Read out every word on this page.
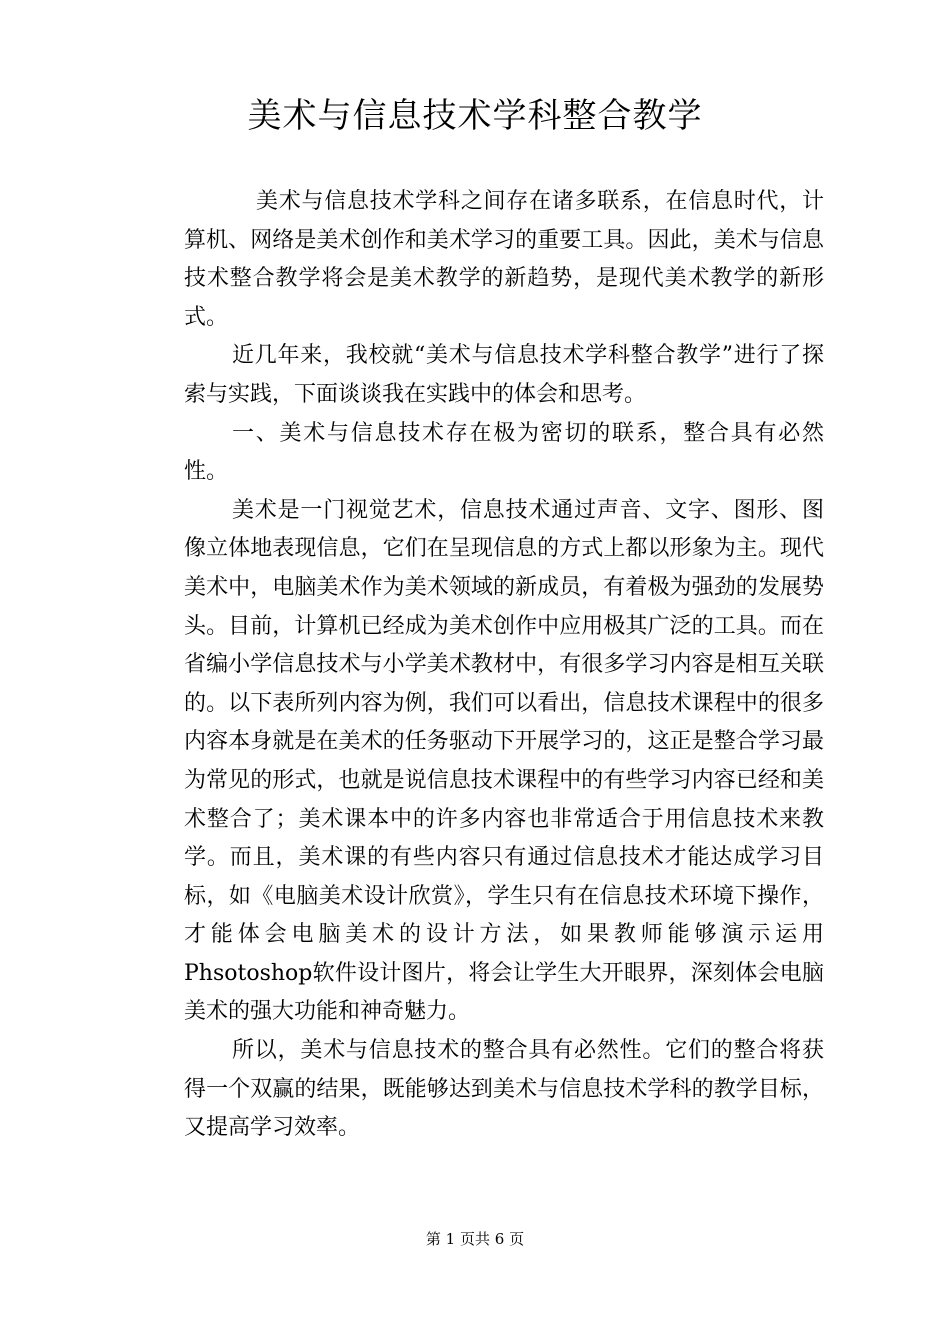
美术与信息技术学科整合教学

美术与信息技术学科之间存在诸多联系，在信息时代，计算机、网络是美术创作和美术学习的重要工具。因此，美术与信息技术整合教学将会是美术教学的新趋势，是现代美术教学的新形式。

近几年来，我校就“美术与信息技术学科整合教学”进行了探索与实践，下面谈谈我在实践中的体会和思考。

一、美术与信息技术存在极为密切的联系，整合具有必然性。

美术是一门视觉艺术，信息技术通过声音、文字、图形、图像立体地表现信息，它们在呈现信息的方式上都以形象为主。现代美术中，电脑美术作为美术领域的新成员，有着极为强劲的发展势头。目前，计算机已经成为美术创作中应用极其广泛的工具。而在省编小学信息技术与小学美术教材中，有很多学习内容是相互关联的。以下表所列内容为例，我们可以看出，信息技术课程中的很多内容本身就是在美术的任务驱动下开展学习的，这正是整合学习最为常见的形式，也就是说信息技术课程中的有些学习内容已经和美术整合了；美术课本中的许多内容也非常适合于用信息技术来教学。而且，美术课的有些内容只有通过信息技术才能达成学习目标，如《电脑美术设计欣赏》，学生只有在信息技术环境下操作，才能体会电脑美术的设计方法，如果教师能够演示运用Phsotoshop软件设计图片，将会让学生大开眼界，深刻体会电脑美术的强大功能和神奇魅力。

所以，美术与信息技术的整合具有必然性。它们的整合将获得一个双赢的结果，既能够达到美术与信息技术学科的教学目标，又提高学习效率。

第 1 页共 6 页
